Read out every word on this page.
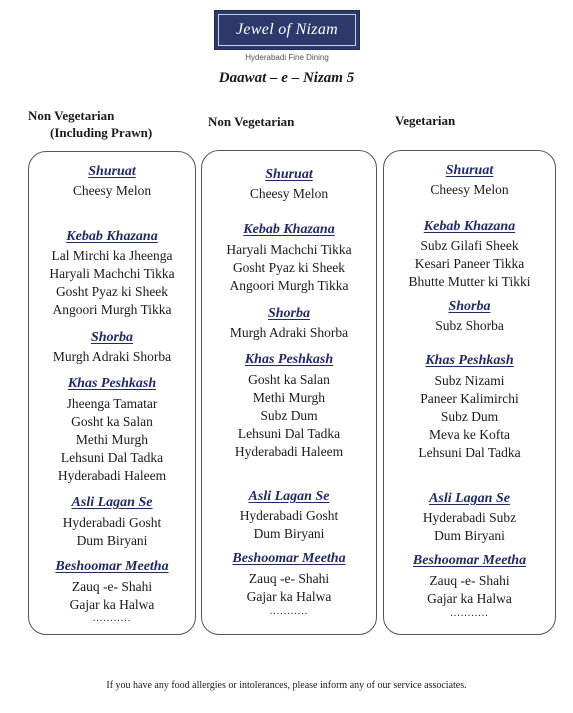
Jewel of Nizam
Hyderabadi Fine Dining
Daawat – e – Nizam 5
Non Vegetarian
(Including Prawn)
Non Vegetarian	Vegetarian
Shuruat
Cheesy Melon
Kebab Khazana
Lal Mirchi ka Jheenga
Haryali Machchi Tikka
Gosht Pyaz ki Sheek
Angoori Murgh Tikka
Shorba
Murgh Adraki Shorba
Khas Peshkash
Jheenga Tamatar
Gosht ka Salan
Methi Murgh
Lehsuni Dal Tadka
Hyderabadi Haleem
Asli Lagan Se
Hyderabadi Gosht
Dum Biryani
Beshoomar Meetha
Zauq -e- Shahi
Gajar ka Halwa
...........
Shuruat
Cheesy Melon
Kebab Khazana
Haryali Machchi Tikka
Gosht Pyaz ki Sheek
Angoori Murgh Tikka
Shorba
Murgh Adraki Shorba
Khas Peshkash
Gosht ka Salan
Methi Murgh
Subz Dum
Lehsuni Dal Tadka
Hyderabadi Haleem
Asli Lagan Se
Hyderabadi Gosht
Dum Biryani
Beshoomar Meetha
Zauq -e- Shahi
Gajar ka Halwa
...........
Shuruat
Cheesy Melon
Kebab Khazana
Subz Gilafi Sheek
Kesari Paneer Tikka
Bhutte Mutter ki Tikki
Shorba
Subz Shorba
Khas Peshkash
Subz Nizami
Paneer Kalimirchi
Subz Dum
Meva ke Kofta
Lehsuni Dal Tadka
Asli Lagan Se
Hyderabadi Subz
Dum Biryani
Beshoomar Meetha
Zauq -e- Shahi
Gajar ka Halwa
...........
If you have any food allergies or intolerances, please inform any of our service associates.
